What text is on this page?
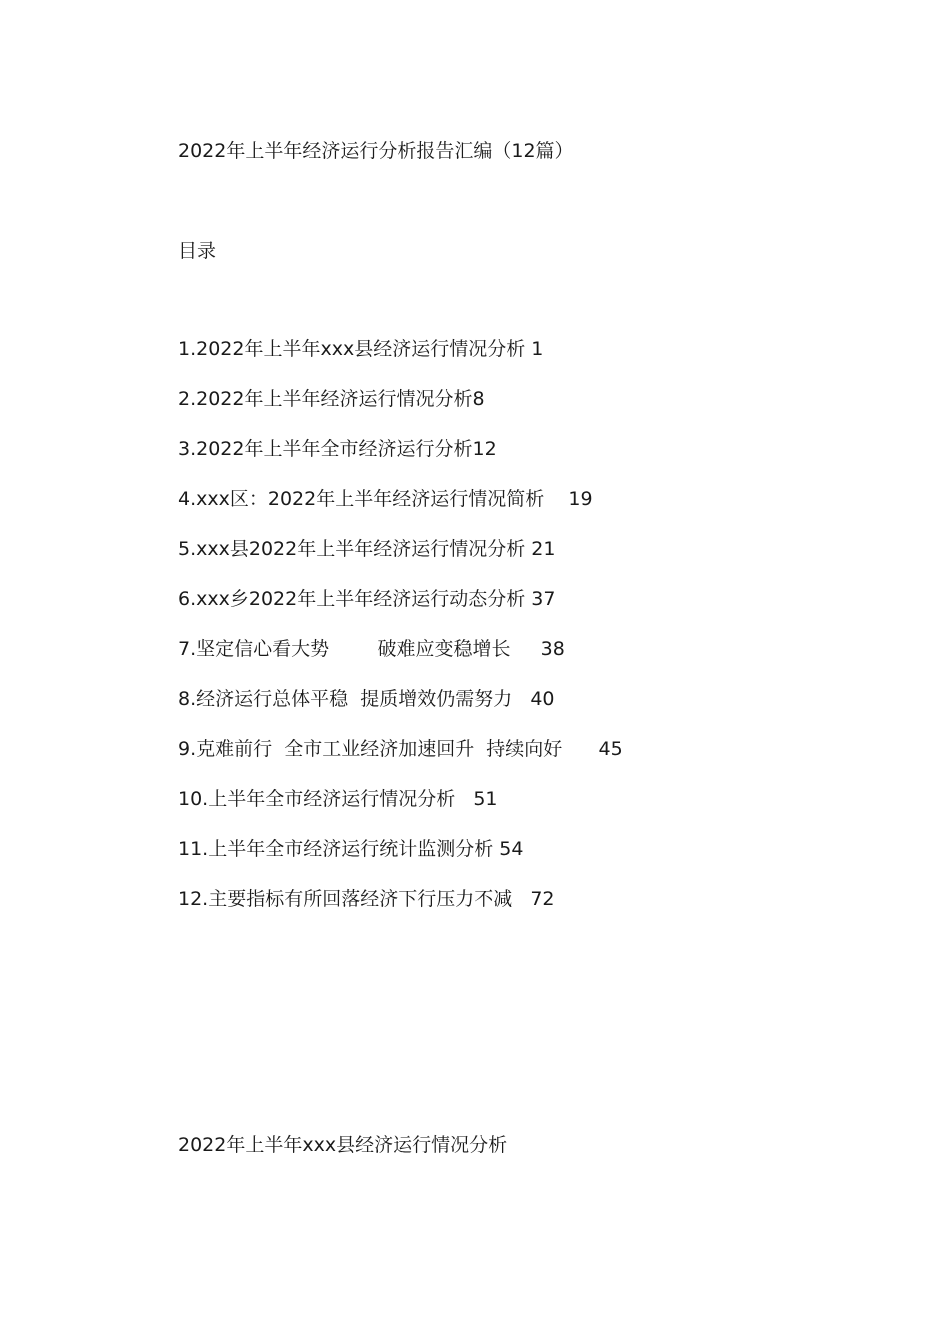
2022年上半年经济运行分析报告汇编（12篇）
目录
1.2022年上半年xxx县经济运行情况分析 1
2.2022年上半年经济运行情况分析8
3.2022年上半年全市经济运行分析12
4.xxx区：2022年上半年经济运行情况简析    19
5.xxx县2022年上半年经济运行情况分析 21
6.xxx乡2022年上半年经济运行动态分析 37
7.坚定信心看大势        破难应变稳增长     38
8.经济运行总体平稳  提质增效仍需努力   40
9.克难前行  全市工业经济加速回升  持续向好      45
10.上半年全市经济运行情况分析   51
11.上半年全市经济运行统计监测分析 54
12.主要指标有所回落经济下行压力不减   72
2022年上半年xxx县经济运行情况分析
